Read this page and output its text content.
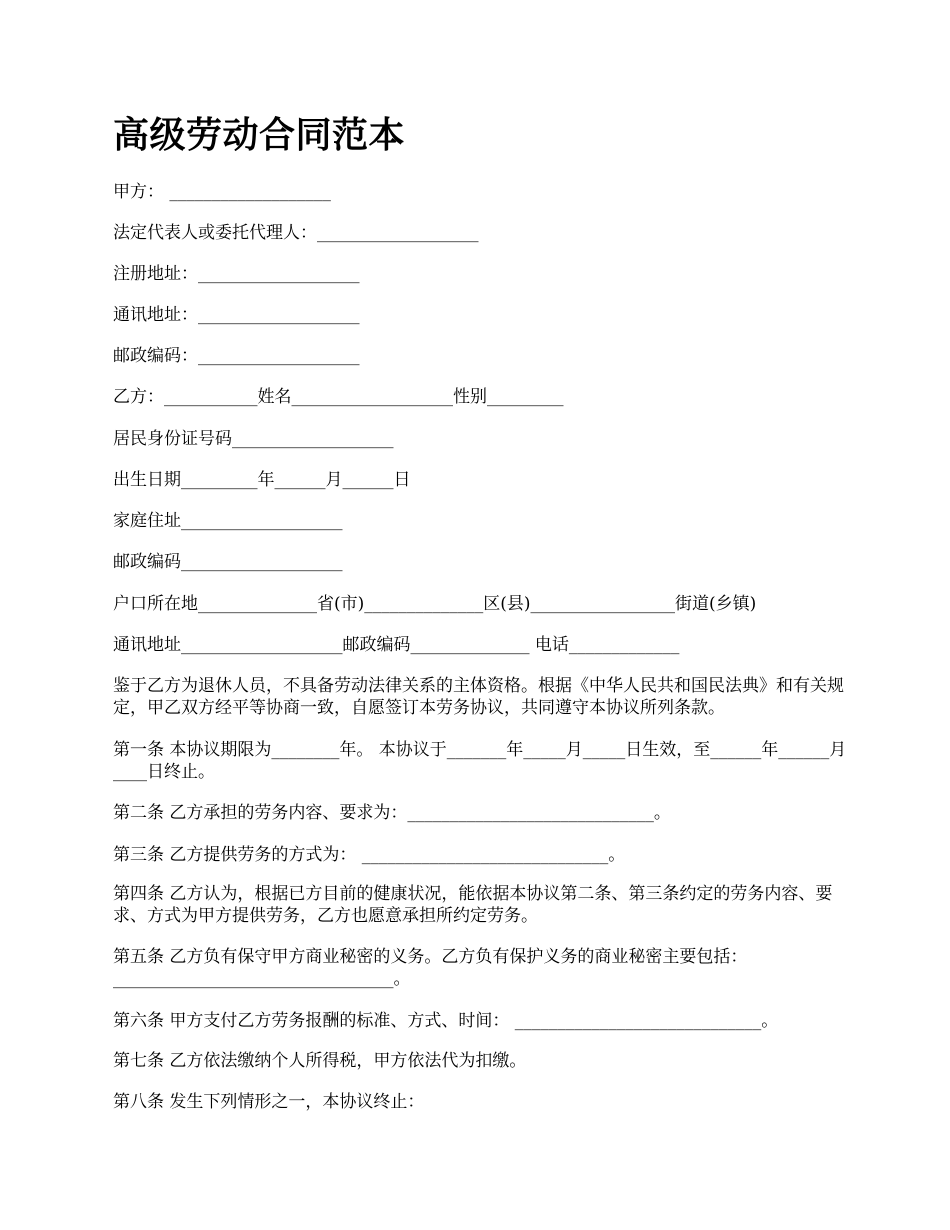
高级劳动合同范本

甲方： ___________________

法定代表人或委托代理人：___________________

注册地址：___________________

通讯地址：___________________

邮政编码：___________________

乙方：___________姓名___________________性别_________

居民身份证号码___________________

出生日期_________年______月______日

家庭住址___________________

邮政编码___________________

户口所在地______________省(市)______________区(县)_________________街道(乡镇)

通讯地址___________________邮政编码______________ 电话_____________

鉴于乙方为退休人员，不具备劳动法律关系的主体资格。根据《中华人民共和国民法典》和有关规定，甲乙双方经平等协商一致，自愿签订本劳务协议，共同遵守本协议所列条款。

第一条 本协议期限为________年。 本协议于_______年_____月_____日生效，至______年______月____日终止。

第二条 乙方承担的劳务内容、要求为：_____________________________。

第三条 乙方提供劳务的方式为： _____________________________。

第四条 乙方认为，根据已方目前的健康状况，能依据本协议第二条、第三条约定的劳务内容、要求、方式为甲方提供劳务，乙方也愿意承担所约定劳务。

第五条 乙方负有保守甲方商业秘密的义务。乙方负有保护义务的商业秘密主要包括：_________________________________。

第六条 甲方支付乙方劳务报酬的标准、方式、时间： _____________________________。

第七条 乙方依法缴纳个人所得税，甲方依法代为扣缴。

第八条 发生下列情形之一，本协议终止：
